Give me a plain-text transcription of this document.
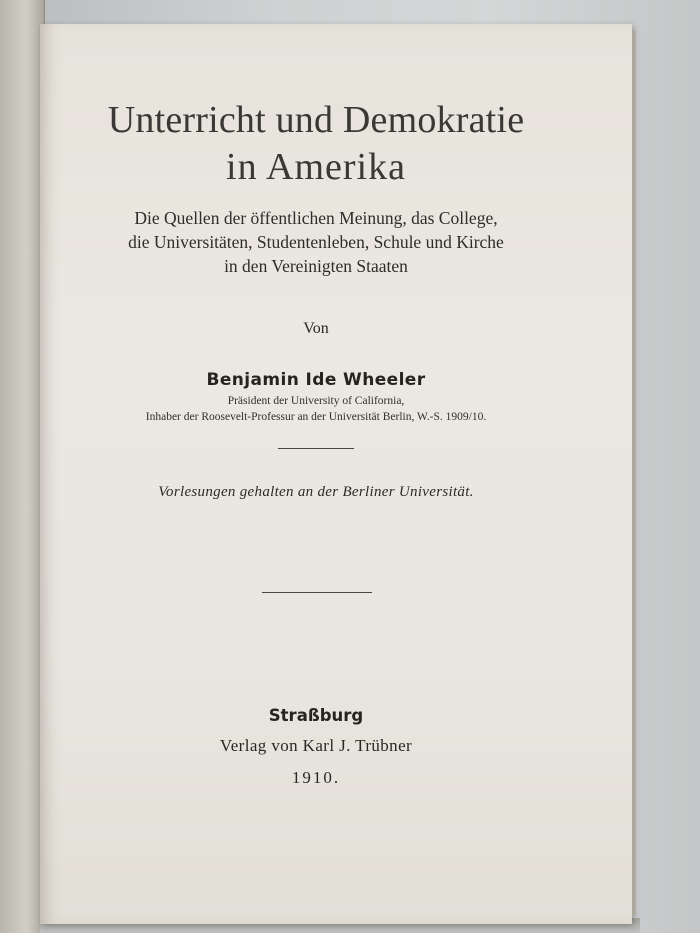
Unterricht und Demokratie
in Amerika

Die Quellen der öffentlichen Meinung, das College,

die Universitäten, Studentenleben, Schule und Kirche

in den Vereinigten Staaten

Von

Benjamin Ide Wheeler

Präsident der University of California,

Inhaber der Roosevelt-Professur an der Universität Berlin, W.-S. 1909/10.

Vorlesungen gehalten an der Berliner Universität.

Straßburg

Verlag von Karl J. Trübner

1910.
